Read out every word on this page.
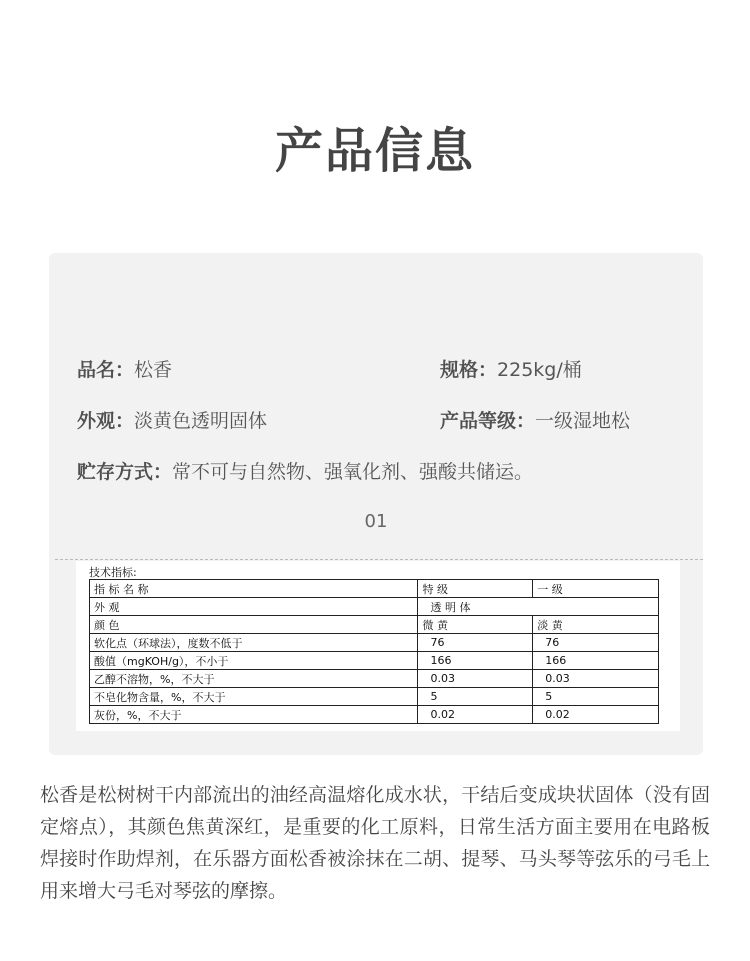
产品信息
品名：松香	规格：225kg/桶
外观：淡黄色透明固体	产品等级：一级湿地松
贮存方式：常不可与自然物、强氧化剂、强酸共储运。
01
技术指标:
指 标 名 称	特 级	一 级
外 观	透 明 体	
颜 色	微 黄	淡 黄
软化点（环球法），度数不低于	76	76
酸值（mgKOH/g），不小于	166	166
乙醇不溶物，%，不大于	0.03	0.03
不皂化物含量，%，不大于	5	5
灰份，%，不大于	0.02	0.02

松香是松树树干内部流出的油经高温熔化成水状，干结后变成块状固体（没有固定熔点），其颜色焦黄深红，是重要的化工原料，日常生活方面主要用在电路板焊接时作助焊剂，在乐器方面松香被涂抹在二胡、提琴、马头琴等弦乐的弓毛上用来增大弓毛对琴弦的摩擦。
